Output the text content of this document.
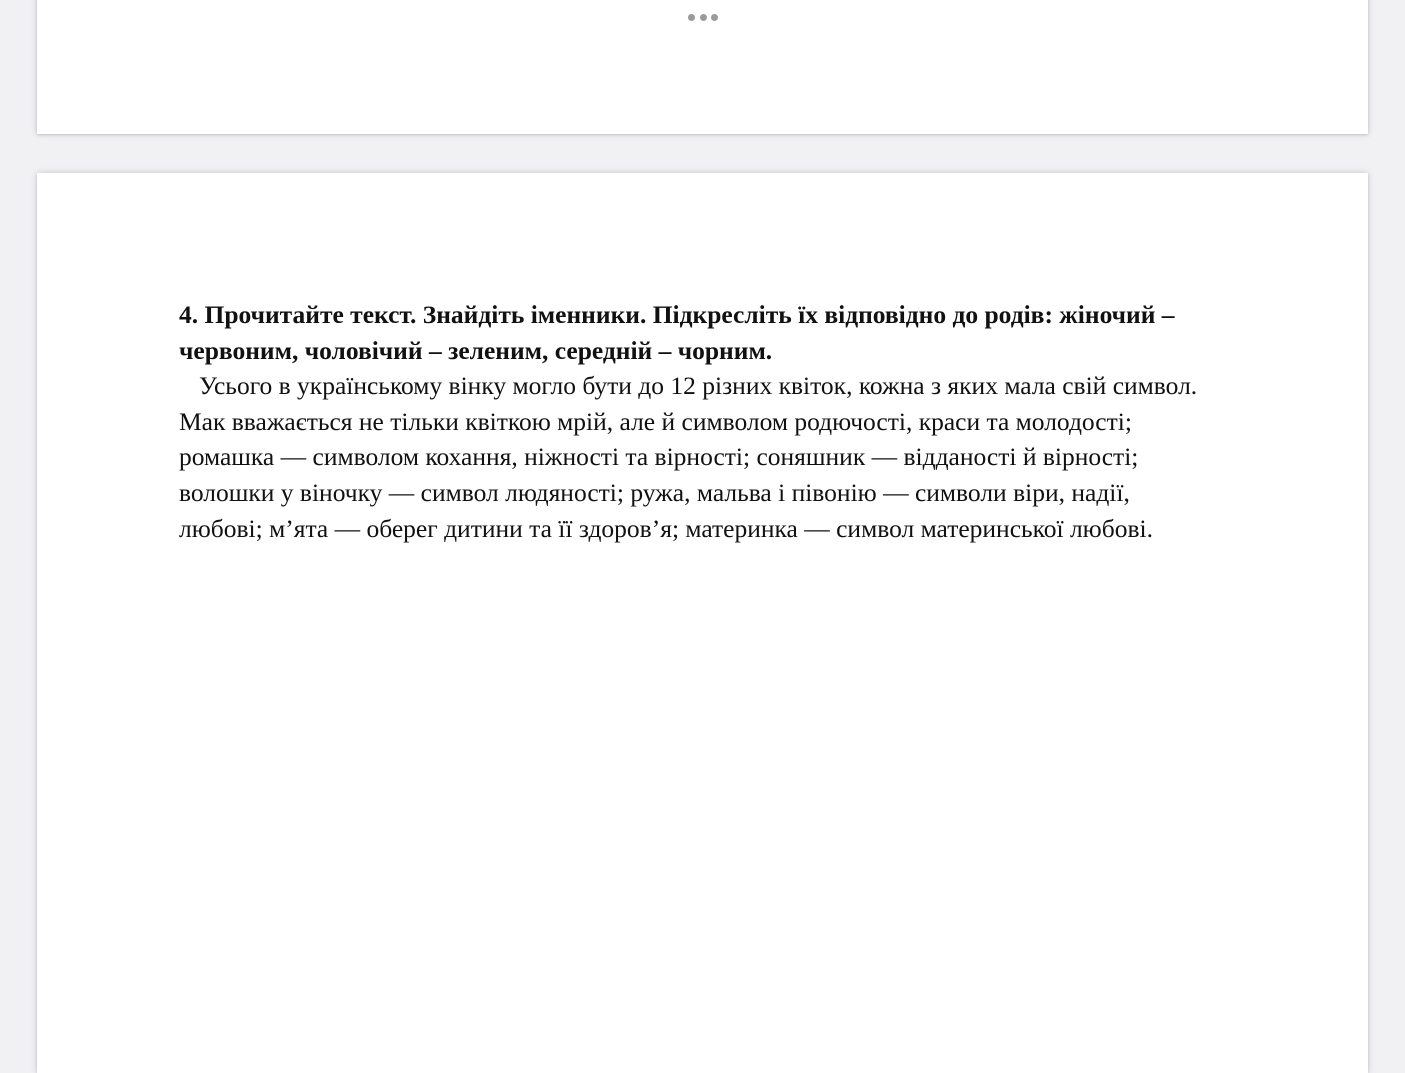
4. Прочитайте текст. Знайдіть іменники. Підкресліть їх відповідно до родів: жіночий –
червоним, чоловічий – зеленим, середній – чорним.

Усього в українському вінку могло бути до 12 різних квіток, кожна з яких мала свій символ.
Мак вважається не тільки квіткою мрій, але й символом родючості, краси та молодості;
ромашка — символом кохання, ніжності та вірності; соняшник — відданості й вірності;
волошки у віночку — символ людяності; ружа, мальва і півонію — символи віри, надії,
любові; м’ята — оберег дитини та її здоров’я; материнка — символ материнської любові.
